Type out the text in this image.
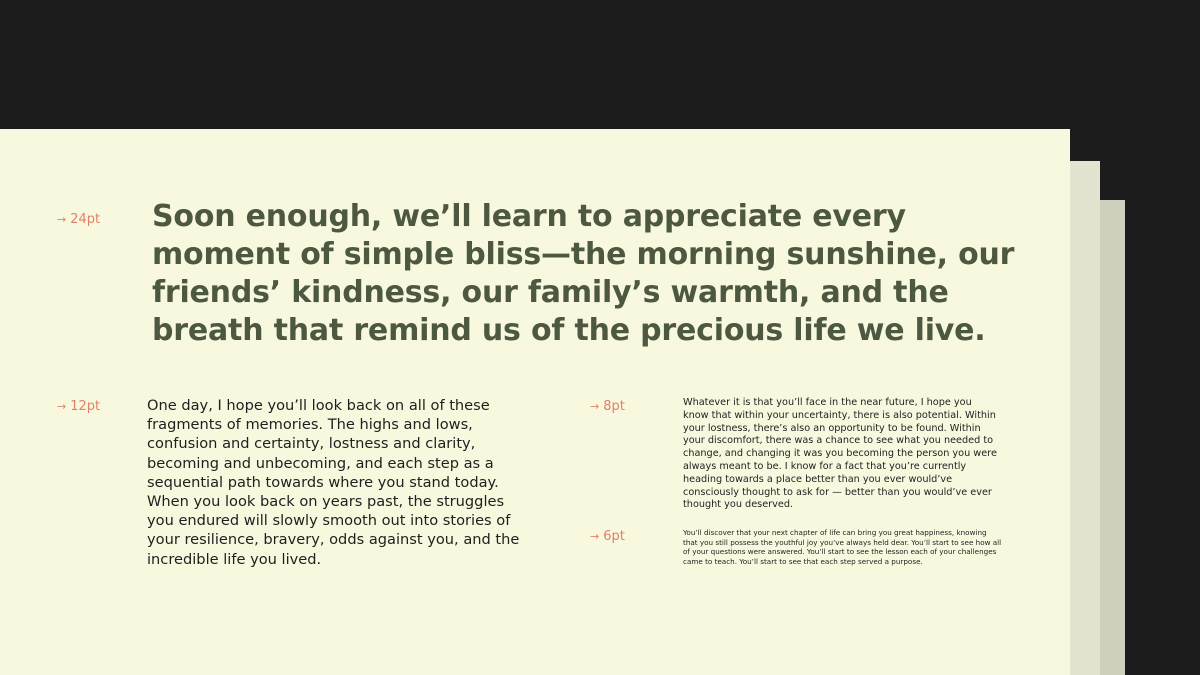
→ 24pt Soon enough, we’ll learn to appreciate every moment of simple bliss—the morning sunshine, our friends’ kindness, our family’s warmth, and the breath that remind us of the precious life we live.

→ 12pt	One day, I hope you’ll look back on all of these fragments of memories. The highs and lows, confusion and certainty, lostness and clarity, becoming and unbecoming, and each step as a sequential path towards where you stand today. When you look back on years past, the struggles you endured will slowly smooth out into stories of your resilience, bravery, odds against you, and the incredible life you lived.

→ 8pt	Whatever it is that you’ll face in the near future, I hope you know that within your uncertainty, there is also potential. Within your lostness, there’s also an opportunity to be found. Within your discomfort, there was a chance to see what you needed to change, and changing it was you becoming the person you were always meant to be. I know for a fact that you’re currently heading towards a place better than you ever would’ve consciously thought to ask for — better than you would’ve ever thought you deserved.

→ 6pt	You’ll discover that your next chapter of life can bring you great happiness, knowing that you still possess the youthful joy you’ve always held dear. You’ll start to see how all of your questions were answered. You’ll start to see the lesson each of your challenges came to teach. You’ll start to see that each step served a purpose.
